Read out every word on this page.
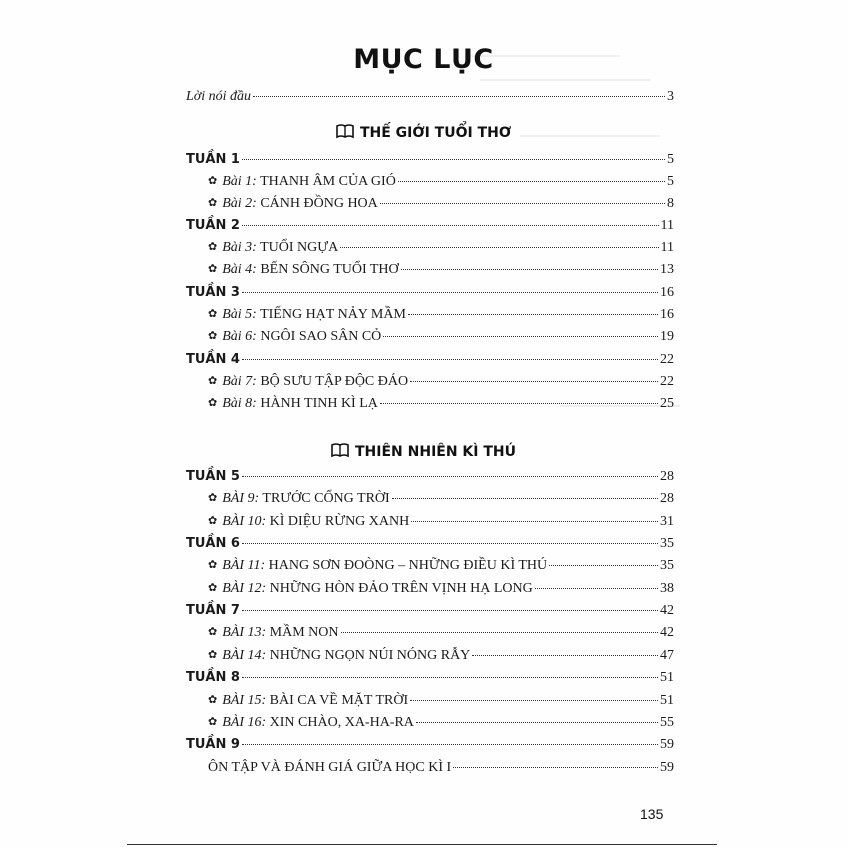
MỤC LỤC
Lời nói đầu	3
THẾ GIỚI TUỔI THƠ
TUẦN 1	5
✿ Bài 1: THANH ÂM CỦA GIÓ	5
✿ Bài 2: CÁNH ĐỒNG HOA	8
TUẦN 2	11
✿ Bài 3: TUỔI NGỰA	11
✿ Bài 4: BẾN SÔNG TUỔI THƠ	13
TUẦN 3	16
✿ Bài 5: TIẾNG HẠT NẢY MẦM	16
✿ Bài 6: NGÔI SAO SÂN CỎ	19
TUẦN 4	22
✿ Bài 7: BỘ SƯU TẬP ĐỘC ĐÁO	22
✿ Bài 8: HÀNH TINH KÌ LẠ	25
THIÊN NHIÊN KÌ THÚ
TUẦN 5	28
✿ BÀI 9: TRƯỚC CỔNG TRỜI	28
✿ BÀI 10: KÌ DIỆU RỪNG XANH	31
TUẦN 6	35
✿ BÀI 11: HANG SƠN ĐOÒNG – NHỮNG ĐIỀU KÌ THÚ	35
✿ BÀI 12: NHỮNG HÒN ĐẢO TRÊN VỊNH HẠ LONG	38
TUẦN 7	42
✿ BÀI 13: MẦM NON	42
✿ BÀI 14: NHỮNG NGỌN NÚI NÓNG RẪY	47
TUẦN 8	51
✿ BÀI 15: BÀI CA VỀ MẶT TRỜI	51
✿ BÀI 16: XIN CHÀO, XA-HA-RA	55
TUẦN 9	59
ÔN TẬP VÀ ĐÁNH GIÁ GIỮA HỌC KÌ I	59
135
